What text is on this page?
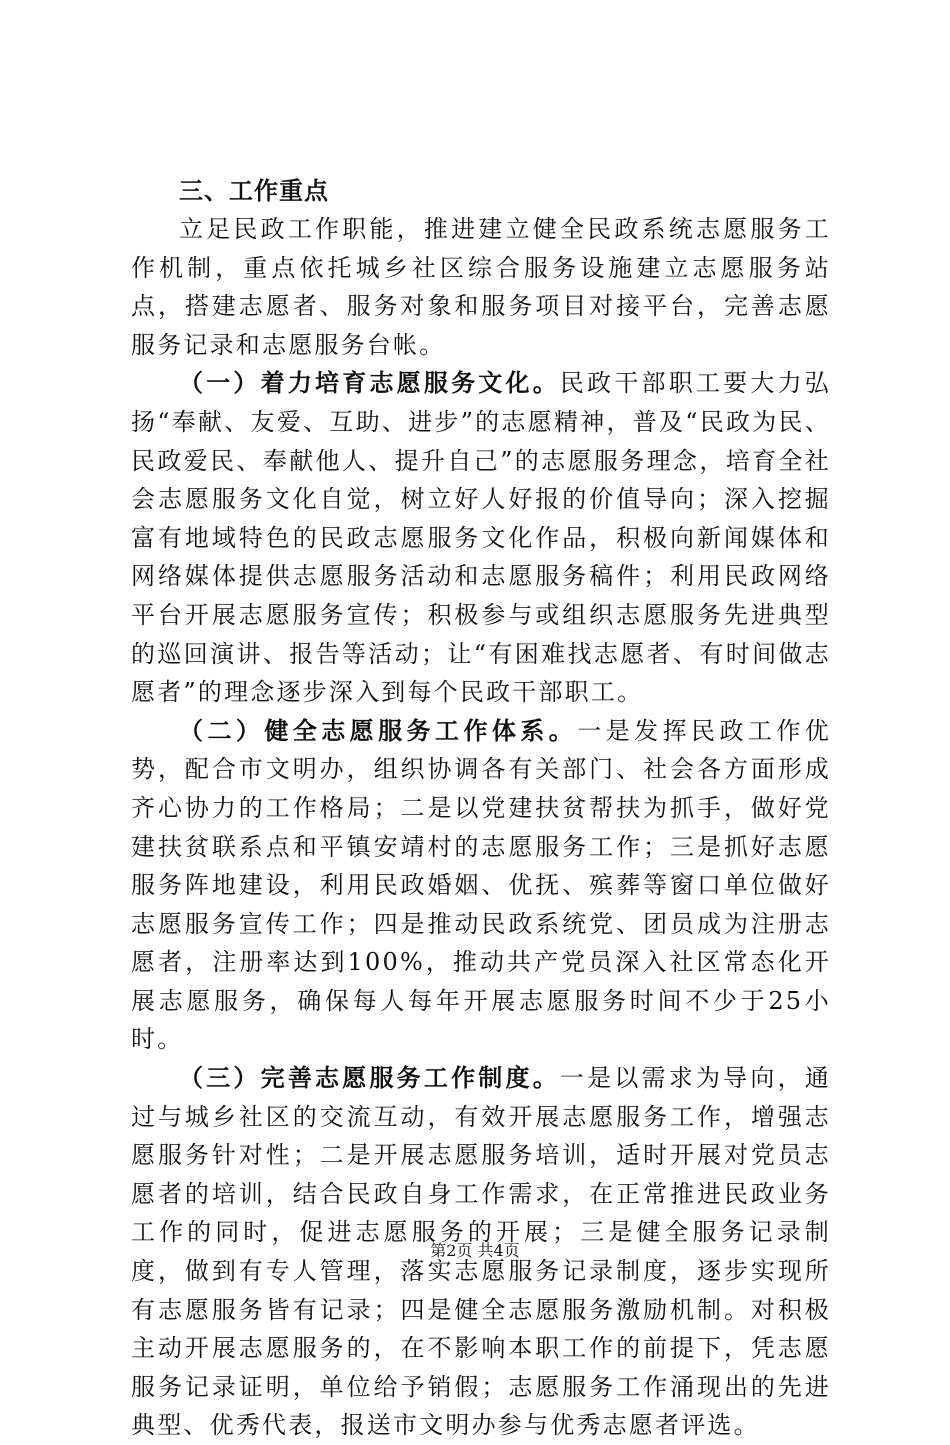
三、工作重点

立足民政工作职能，推进建立健全民政系统志愿服务工作机制，重点依托城乡社区综合服务设施建立志愿服务站点，搭建志愿者、服务对象和服务项目对接平台，完善志愿服务记录和志愿服务台帐。

（一）着力培育志愿服务文化。民政干部职工要大力弘扬“奉献、友爱、互助、进步”的志愿精神，普及“民政为民、民政爱民、奉献他人、提升自己”的志愿服务理念，培育全社会志愿服务文化自觉，树立好人好报的价值导向；深入挖掘富有地域特色的民政志愿服务文化作品，积极向新闻媒体和网络媒体提供志愿服务活动和志愿服务稿件；利用民政网络平台开展志愿服务宣传；积极参与或组织志愿服务先进典型的巡回演讲、报告等活动；让“有困难找志愿者、有时间做志愿者”的理念逐步深入到每个民政干部职工。

（二）健全志愿服务工作体系。一是发挥民政工作优势，配合市文明办，组织协调各有关部门、社会各方面形成齐心协力的工作格局；二是以党建扶贫帮扶为抓手，做好党建扶贫联系点和平镇安靖村的志愿服务工作；三是抓好志愿服务阵地建设，利用民政婚姻、优抚、殡葬等窗口单位做好志愿服务宣传工作；四是推动民政系统党、团员成为注册志愿者，注册率达到100%，推动共产党员深入社区常态化开展志愿服务，确保每人每年开展志愿服务时间不少于25小时。

（三）完善志愿服务工作制度。一是以需求为导向，通过与城乡社区的交流互动，有效开展志愿服务工作，增强志愿服务针对性；二是开展志愿服务培训，适时开展对党员志愿者的培训，结合民政自身工作需求，在正常推进民政业务工作的同时，促进志愿服务的开展；三是健全服务记录制度，做到有专人管理，落实志愿服务记录制度，逐步实现所有志愿服务皆有记录；四是健全志愿服务激励机制。对积极主动开展志愿服务的，在不影响本职工作的前提下，凭志愿服务记录证明，单位给予销假；志愿服务工作涌现出的先进典型、优秀代表，报送市文明办参与优秀志愿者评选。

第2页 共4页
